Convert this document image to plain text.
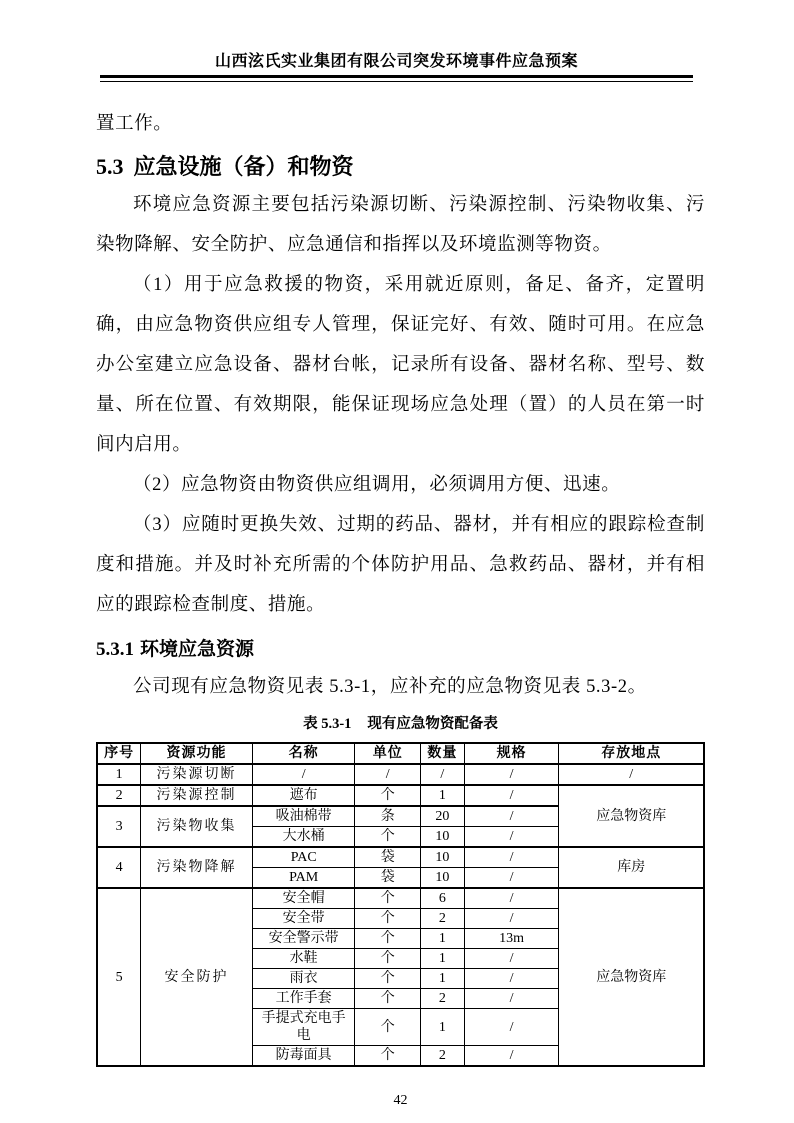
山西泫氏实业集团有限公司突发环境事件应急预案

置工作。

5.3 应急设施（备）和物资

环境应急资源主要包括污染源切断、污染源控制、污染物收集、污染物降解、安全防护、应急通信和指挥以及环境监测等物资。

（1）用于应急救援的物资，采用就近原则，备足、备齐，定置明确，由应急物资供应组专人管理，保证完好、有效、随时可用。在应急办公室建立应急设备、器材台帐，记录所有设备、器材名称、型号、数量、所在位置、有效期限，能保证现场应急处理（置）的人员在第一时间内启用。

（2）应急物资由物资供应组调用，必须调用方便、迅速。

（3）应随时更换失效、过期的药品、器材，并有相应的跟踪检查制度和措施。并及时补充所需的个体防护用品、急救药品、器材，并有相应的跟踪检查制度、措施。

5.3.1 环境应急资源

公司现有应急物资见表 5.3-1，应补充的应急物资见表 5.3-2。

表 5.3-1 现有应急物资配备表
序号	资源功能	名称	单位	数量	规格	存放地点
1	污染源切断	/	/	/	/	/
2	污染源控制	遮布	个	1	/	应急物资库
3	污染物收集	吸油棉带	条	20	/	
		大水桶	个	10	/	
4	污染物降解	PAC	袋	10	/	库房
		PAM	袋	10	/	
5	安全防护	安全帽	个	6	/	应急物资库
		安全带	个	2	/	
		安全警示带	个	1	13m	
		水鞋	个	1	/	
		雨衣	个	1	/	
		工作手套	个	2	/	
		手提式充电手电	个	1	/	
		防毒面具	个	2	/	
42
